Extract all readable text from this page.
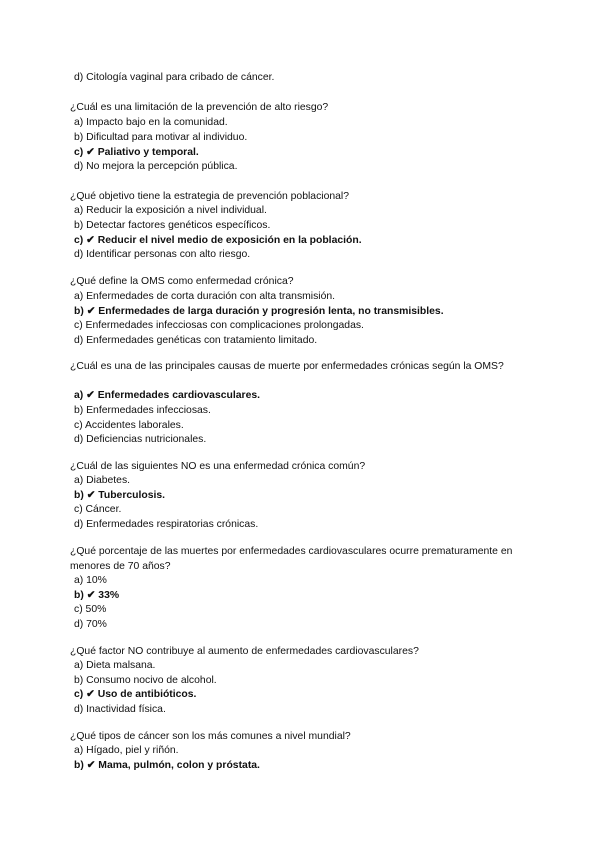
d) Citología vaginal para cribado de cáncer.
¿Cuál es una limitación de la prevención de alto riesgo?
a) Impacto bajo en la comunidad.
b) Dificultad para motivar al individuo.
c) ✔ Paliativo y temporal.
d) No mejora la percepción pública.
¿Qué objetivo tiene la estrategia de prevención poblacional?
a) Reducir la exposición a nivel individual.
b) Detectar factores genéticos específicos.
c) ✔ Reducir el nivel medio de exposición en la población.
d) Identificar personas con alto riesgo.
¿Qué define la OMS como enfermedad crónica?
a) Enfermedades de corta duración con alta transmisión.
b) ✔ Enfermedades de larga duración y progresión lenta, no transmisibles.
c) Enfermedades infecciosas con complicaciones prolongadas.
d) Enfermedades genéticas con tratamiento limitado.
¿Cuál es una de las principales causas de muerte por enfermedades crónicas según la OMS?
a) ✔ Enfermedades cardiovasculares.
b) Enfermedades infecciosas.
c) Accidentes laborales.
d) Deficiencias nutricionales.
¿Cuál de las siguientes NO es una enfermedad crónica común?
a) Diabetes.
b) ✔ Tuberculosis.
c) Cáncer.
d) Enfermedades respiratorias crónicas.
¿Qué porcentaje de las muertes por enfermedades cardiovasculares ocurre prematuramente en menores de 70 años?
a) 10%
b) ✔ 33%
c) 50%
d) 70%
¿Qué factor NO contribuye al aumento de enfermedades cardiovasculares?
a) Dieta malsana.
b) Consumo nocivo de alcohol.
c) ✔ Uso de antibióticos.
d) Inactividad física.
¿Qué tipos de cáncer son los más comunes a nivel mundial?
a) Hígado, piel y riñón.
b) ✔ Mama, pulmón, colon y próstata.
